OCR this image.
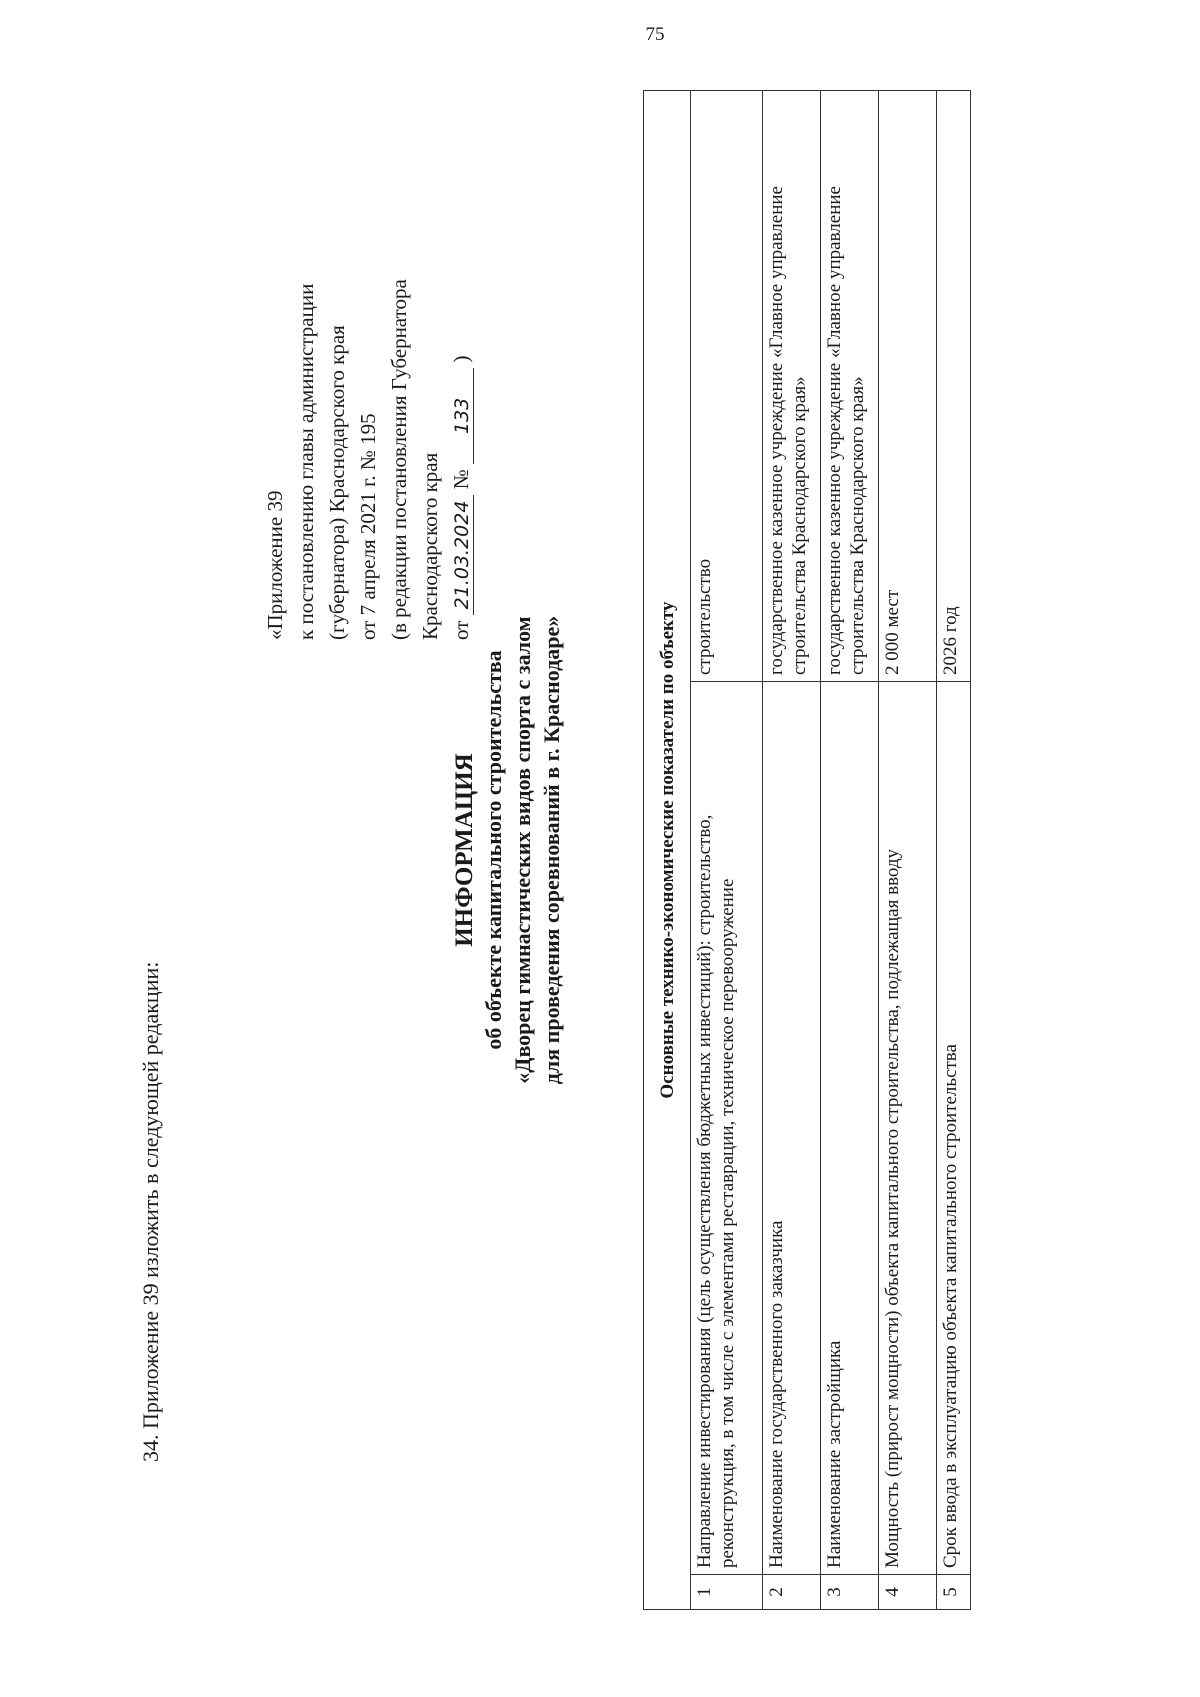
75
34. Приложение 39 изложить в следующей редакции:
«Приложение 39 к постановлению главы администрации (губернатора) Краснодарского края от 7 апреля 2021 г. № 195 (в редакции постановления Губернатора Краснодарского края от 21.03.2024 № 133 )
ИНФОРМАЦИЯ об объекте капитального строительства «Дворец гимнастических видов спорта с залом для проведения соревнований в г. Краснодаре»	Основные технико-экономические показатели по объекту		
1	Направление инвестирования (цель осуществления бюджетных инвестиций): строительство, реконструкция, в том числе с элементами реставрации, техническое перевооружение	строительство
2	Наименование государственного заказчика	государственное казенное учреждение «Главное управление строительства Краснодарского края»
3	Наименование застройщика	государственное казенное учреждение «Главное управление строительства Краснодарского края»
4	Мощность (прирост мощности) объекта капитального строительства, подлежащая вводу	2 000 мест
5	Срок ввода в эксплуатацию объекта капитального строительства	2026 год
